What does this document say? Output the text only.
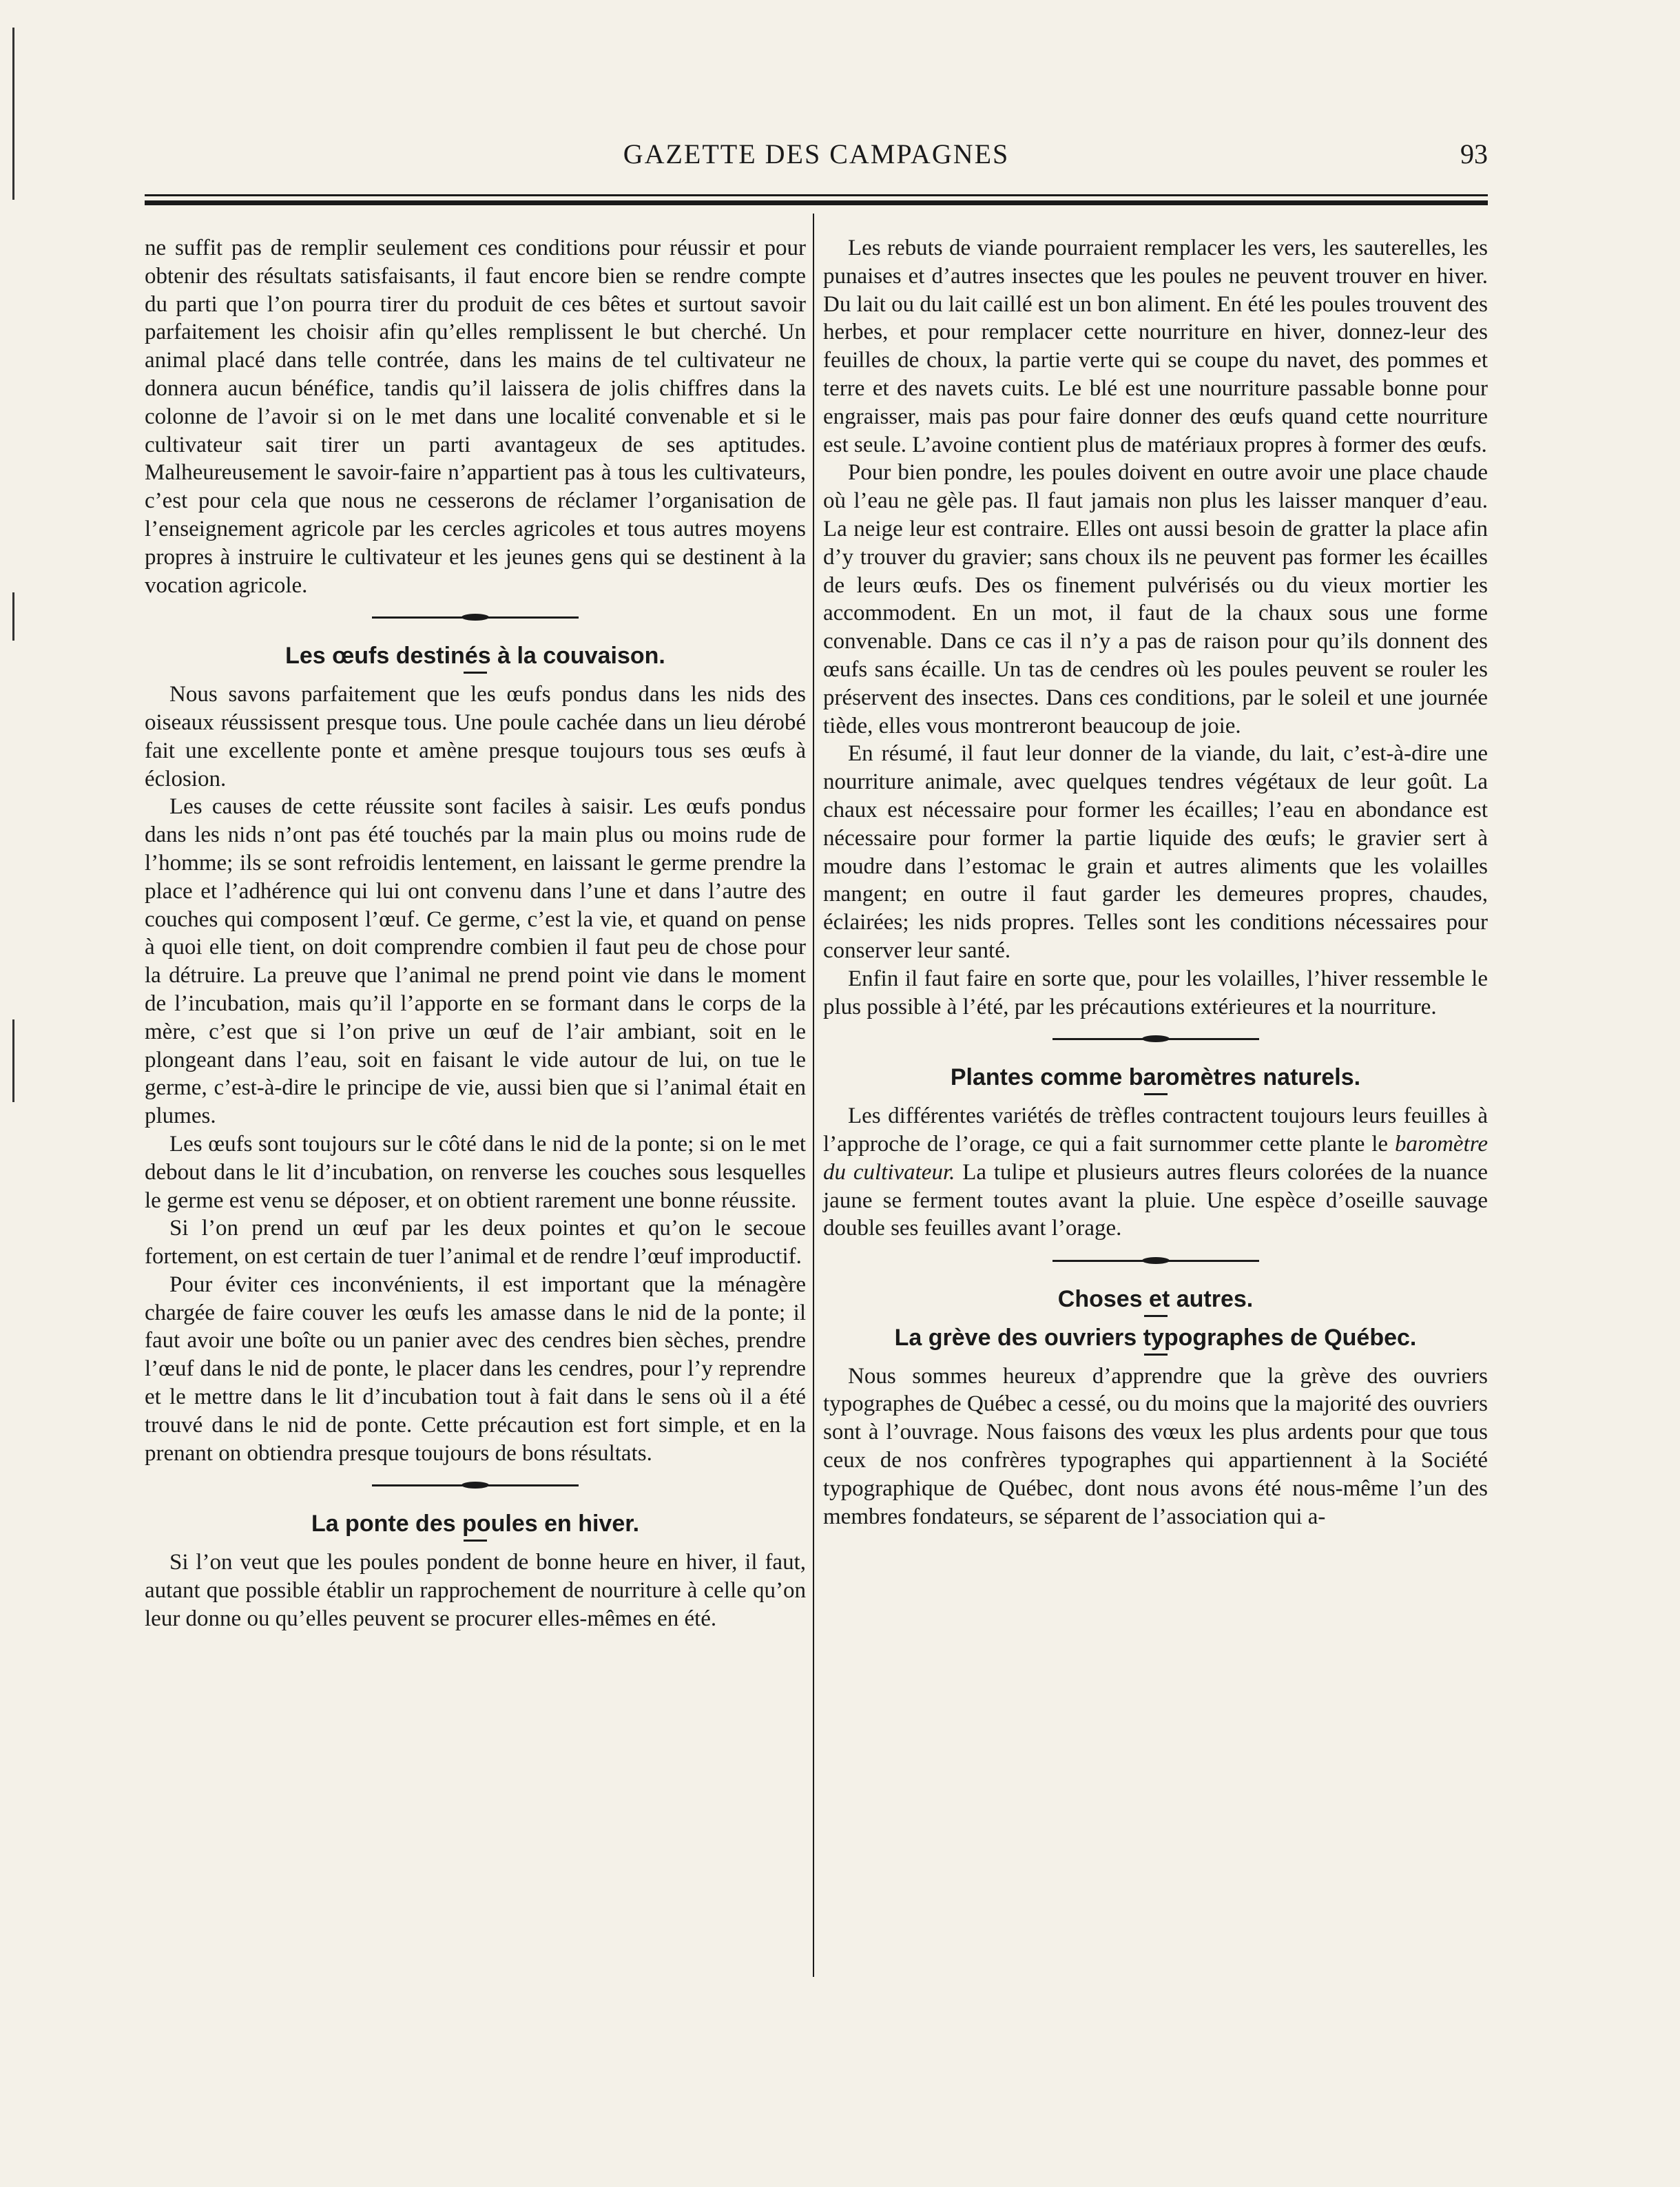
GAZETTE DES CAMPAGNES	93

ne suffit pas de remplir seulement ces conditions pour réussir et pour obtenir des résultats satisfaisants, il faut encore bien se rendre compte du parti que l’on pourra tirer du produit de ces bêtes et surtout savoir parfaitement les choisir afin qu’elles remplissent le but cherché. Un animal placé dans telle contrée, dans les mains de tel cultivateur ne donnera aucun bénéfice, tandis qu’il laissera de jolis chiffres dans la colonne de l’avoir si on le met dans une localité convenable et si le cultivateur sait tirer un parti avantageux de ses aptitudes. Malheureusement le savoir-faire n’appartient pas à tous les cultivateurs, c’est pour cela que nous ne cesserons de réclamer l’organisation de l’enseignement agricole par les cercles agricoles et tous autres moyens propres à instruire le cultivateur et les jeunes gens qui se destinent à la vocation agricole.

Les œufs destinés à la couvaison.

Nous savons parfaitement que les œufs pondus dans les nids des oiseaux réussissent presque tous. Une poule cachée dans un lieu dérobé fait une excellente ponte et amène presque toujours tous ses œufs à éclosion.

Les causes de cette réussite sont faciles à saisir. Les œufs pondus dans les nids n’ont pas été touchés par la main plus ou moins rude de l’homme; ils se sont refroidis lentement, en laissant le germe prendre la place et l’adhérence qui lui ont convenu dans l’une et dans l’autre des couches qui composent l’œuf. Ce germe, c’est la vie, et quand on pense à quoi elle tient, on doit comprendre combien il faut peu de chose pour la détruire. La preuve que l’animal ne prend point vie dans le moment de l’incubation, mais qu’il l’apporte en se formant dans le corps de la mère, c’est que si l’on prive un œuf de l’air ambiant, soit en le plongeant dans l’eau, soit en faisant le vide autour de lui, on tue le germe, c’est-à-dire le principe de vie, aussi bien que si l’animal était en plumes.

Les œufs sont toujours sur le côté dans le nid de la ponte; si on le met debout dans le lit d’incubation, on renverse les couches sous lesquelles le germe est venu se déposer, et on obtient rarement une bonne réussite.

Si l’on prend un œuf par les deux pointes et qu’on le secoue fortement, on est certain de tuer l’animal et de rendre l’œuf improductif.

Pour éviter ces inconvénients, il est important que la ménagère chargée de faire couver les œufs les amasse dans le nid de la ponte; il faut avoir une boîte ou un panier avec des cendres bien sèches, prendre l’œuf dans le nid de ponte, le placer dans les cendres, pour l’y reprendre et le mettre dans le lit d’incubation tout à fait dans le sens où il a été trouvé dans le nid de ponte. Cette précaution est fort simple, et en la prenant on obtiendra presque toujours de bons résultats.

La ponte des poules en hiver.

Si l’on veut que les poules pondent de bonne heure en hiver, il faut, autant que possible établir un rapprochement de nourriture à celle qu’on leur donne ou qu’elles peuvent se procurer elles-mêmes en été.

Les rebuts de viande pourraient remplacer les vers, les sauterelles, les punaises et d’autres insectes que les poules ne peuvent trouver en hiver. Du lait ou du lait caillé est un bon aliment. En été les poules trouvent des herbes, et pour remplacer cette nourriture en hiver, donnez-leur des feuilles de choux, la partie verte qui se coupe du navet, des pommes et terre et des navets cuits. Le blé est une nourriture passable bonne pour engraisser, mais pas pour faire donner des œufs quand cette nourriture est seule. L’avoine contient plus de matériaux propres à former des œufs.

Pour bien pondre, les poules doivent en outre avoir une place chaude où l’eau ne gèle pas. Il faut jamais non plus les laisser manquer d’eau. La neige leur est contraire. Elles ont aussi besoin de gratter la place afin d’y trouver du gravier; sans choux ils ne peuvent pas former les écailles de leurs œufs. Des os finement pulvérisés ou du vieux mortier les accommodent. En un mot, il faut de la chaux sous une forme convenable. Dans ce cas il n’y a pas de raison pour qu’ils donnent des œufs sans écaille. Un tas de cendres où les poules peuvent se rouler les préservent des insectes. Dans ces conditions, par le soleil et une journée tiède, elles vous montreront beaucoup de joie.

En résumé, il faut leur donner de la viande, du lait, c’est-à-dire une nourriture animale, avec quelques tendres végétaux de leur goût. La chaux est nécessaire pour former les écailles; l’eau en abondance est nécessaire pour former la partie liquide des œufs; le gravier sert à moudre dans l’estomac le grain et autres aliments que les volailles mangent; en outre il faut garder les demeures propres, chaudes, éclairées; les nids propres. Telles sont les conditions nécessaires pour conserver leur santé.

Enfin il faut faire en sorte que, pour les volailles, l’hiver ressemble le plus possible à l’été, par les précautions extérieures et la nourriture.

Plantes comme baromètres naturels.

Les différentes variétés de trèfles contractent toujours leurs feuilles à l’approche de l’orage, ce qui a fait surnommer cette plante le baromètre du cultivateur. La tulipe et plusieurs autres fleurs colorées de la nuance jaune se ferment toutes avant la pluie. Une espèce d’oseille sauvage double ses feuilles avant l’orage.

Choses et autres.
La grève des ouvriers typographes de Québec.

Nous sommes heureux d’apprendre que la grève des ouvriers typographes de Québec a cessé, ou du moins que la majorité des ouvriers sont à l’ouvrage. Nous faisons des vœux les plus ardents pour que tous ceux de nos confrères typographes qui appartiennent à la Société typographique de Québec, dont nous avons été nous-même l’un des membres fondateurs, se séparent de l’association qui a-
